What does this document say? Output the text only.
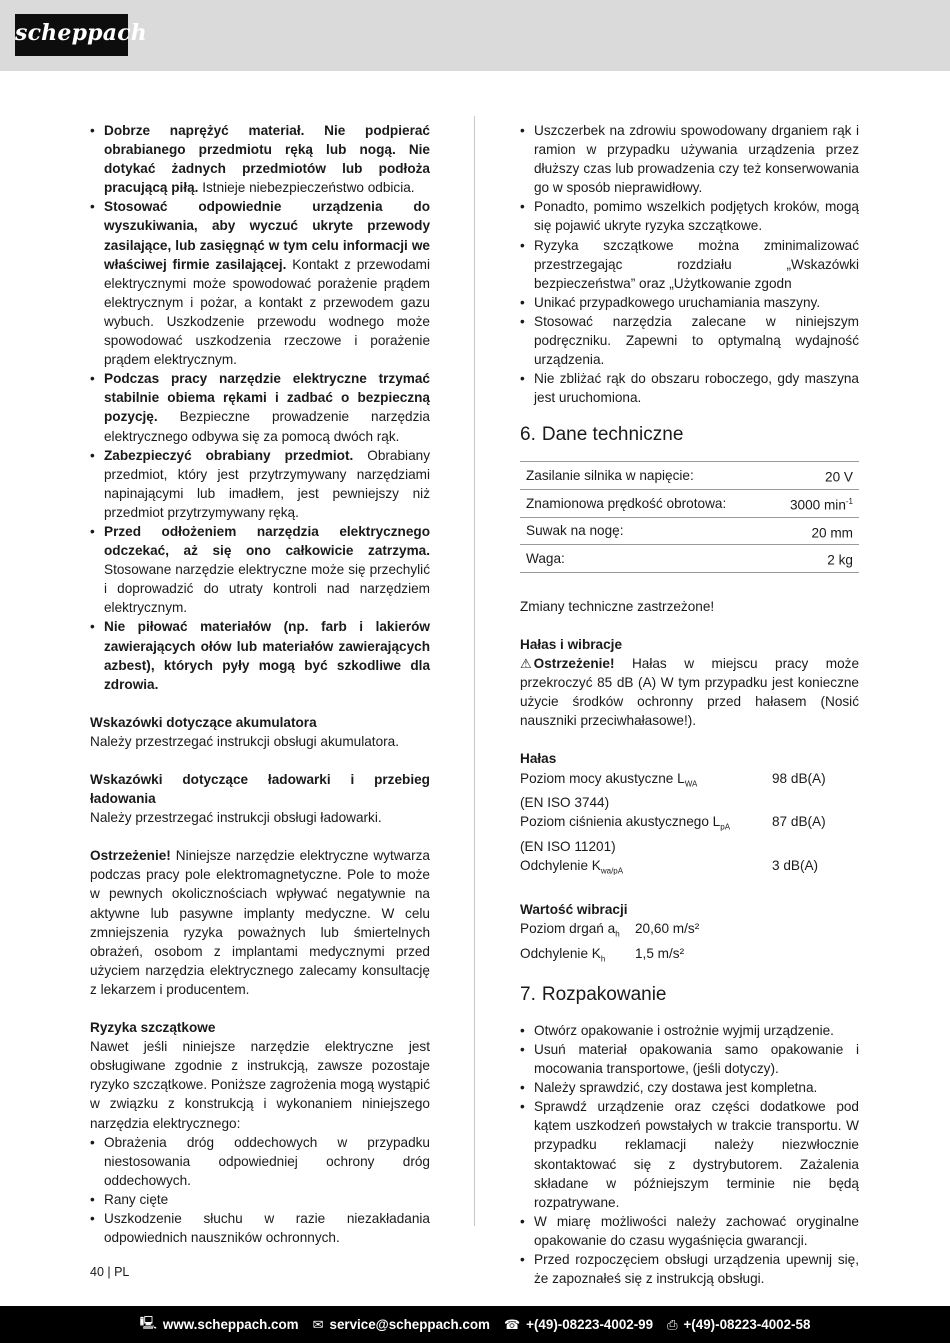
scheppach
• Dobrze naprężyć materiał. Nie podpierać obrabianego przedmiotu ręką lub nogą. Nie dotykać żadnych przedmiotów lub podłoża pracującą piłą. Istnieje niebezpieczeństwo odbicia.
• Stosować odpowiednie urządzenia do wyszukiwania, aby wyczuć ukryte przewody zasilające, lub zasięgnąć w tym celu informacji we właściwej firmie zasilającej. Kontakt z przewodami elektrycznymi może spowodować porażenie prądem elektrycznym i pożar, a kontakt z przewodem gazu wybuch. Uszkodzenie przewodu wodnego może spowodować uszkodzenia rzeczowe i porażenie prądem elektrycznym.
• Podczas pracy narzędzie elektryczne trzymać stabilnie obiema rękami i zadbać o bezpieczną pozycję. Bezpieczne prowadzenie narzędzia elektrycznego odbywa się za pomocą dwóch rąk.
• Zabezpieczyć obrabiany przedmiot. Obrabiany przedmiot, który jest przytrzymywany narzędziami napinającymi lub imadłem, jest pewniejszy niż przedmiot przytrzymywany ręką.
• Przed odłożeniem narzędzia elektrycznego odczekać, aż się ono całkowicie zatrzyma. Stosowane narzędzie elektryczne może się przechylić i doprowadzić do utraty kontroli nad narzędziem elektrycznym.
• Nie piłować materiałów (np. farb i lakierów zawierających ołów lub materiałów zawierających azbest), których pyły mogą być szkodliwe dla zdrowia.
Wskazówki dotyczące akumulatora

Należy przestrzegać instrukcji obsługi akumulatora.

Wskazówki dotyczące ładowarki i przebieg ładowania

Należy przestrzegać instrukcji obsługi ładowarki.

Ostrzeżenie! Niniejsze narzędzie elektryczne wytwarza podczas pracy pole elektromagnetyczne. Pole to może w pewnych okolicznościach wpływać negatywnie na aktywne lub pasywne implanty medyczne. W celu zmniejszenia ryzyka poważnych lub śmiertelnych obrażeń, osobom z implantami medycznymi przed użyciem narzędzia elektrycznego zalecamy konsultację z lekarzem i producentem.

Ryzyka szczątkowe

Nawet jeśli niniejsze narzędzie elektryczne jest obsługiwane zgodnie z instrukcją, zawsze pozostaje ryzyko szczątkowe. Poniższe zagrożenia mogą wystąpić w związku z konstrukcją i wykonaniem niniejszego narzędzia elektrycznego:

• Obrażenia dróg oddechowych w przypadku niestosowania odpowiedniej ochrony dróg oddechowych.
• Rany cięte
• Uszkodzenie słuchu w razie niezakładania odpowiednich nauszników ochronnych.
• Uszczerbek na zdrowiu spowodowany drganiem rąk i ramion w przypadku używania urządzenia przez dłuższy czas lub prowadzenia czy też konserwowania go w sposób nieprawidłowy.
• Ponadto, pomimo wszelkich podjętych kroków, mogą się pojawić ukryte ryzyka szczątkowe.
• Ryzyka szczątkowe można zminimalizować przestrzegając rozdziału „Wskazówki bezpieczeństwa” oraz „Użytkowanie zgodn
• Unikać przypadkowego uruchamiania maszyny.
• Stosować narzędzia zalecane w niniejszym podręczniku. Zapewni to optymalną wydajność urządzenia.
• Nie zbliżać rąk do obszaru roboczego, gdy maszyna jest uruchomiona.
6. Dane techniczne
Zasilanie silnika w napięcie:	20 V
Znamionowa prędkość obrotowa:	3000 $\min^{-1}$
Suwak na nogę:	20 mm
Waga:	2 kg

Zmiany techniczne zastrzeżone!

Hałas i wibracje

⚠ Ostrzeżenie! Hałas w miejscu pracy może przekroczyć 85 dB (A) W tym przypadku jest konieczne użycie środków ochronny przed hałasem (Nosić nauszniki przeciwhałasowe!).

Hałas
Poziom mocy akustyczne $L_{WA}$	98 dB(A)
(EN ISO 3744)
Poziom ciśnienia akustycznego $L_{pA}$	87 dB(A)
(EN ISO 11201)
Odchylenie $K_{wa/pA}$	3 dB(A)
Wartość wibracji
Poziom drgań $a_h$	20,60 m/s²
Odchylenie $K_h$	1,5 m/s²
7. Rozpakowanie
• Otwórz opakowanie i ostrożnie wyjmij urządzenie.
• Usuń materiał opakowania samo opakowanie i mocowania transportowe, (jeśli dotyczy).
• Należy sprawdzić, czy dostawa jest kompletna.
• Sprawdź urządzenie oraz części dodatkowe pod kątem uszkodzeń powstałych w trakcie transportu. W przypadku reklamacji należy niezwłocznie skontaktować się z dystrybutorem. Zażalenia składane w późniejszym terminie nie będą rozpatrywane.
• W miarę możliwości należy zachować oryginalne opakowanie do czasu wygaśnięcia gwarancji.
• Przed rozpoczęciem obsługi urządzenia upewnij się, że zapoznałeś się z instrukcją obsługi.
40 | PL
🖳 www.scheppach.com ✉ service@scheppach.com ☎ +(49)-08223-4002-99 ⎙ +(49)-08223-4002-58
